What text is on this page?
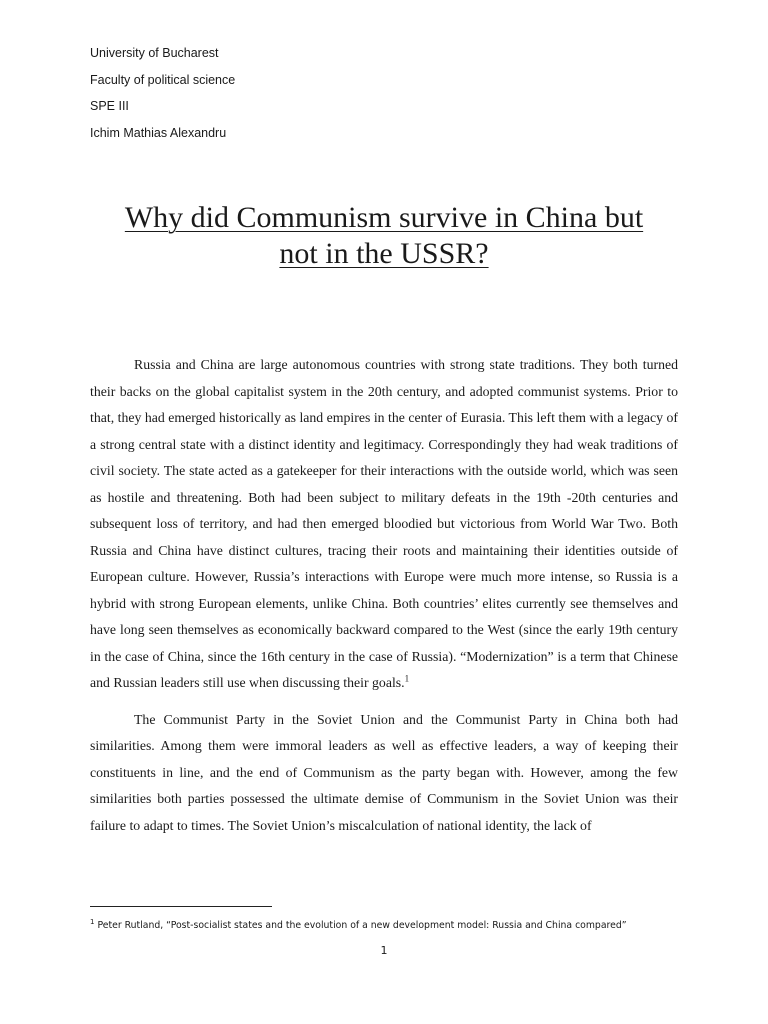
University of Bucharest
Faculty of political science
SPE III
Ichim Mathias Alexandru
Why did Communism survive in China but
not in the USSR?

Russia and China are large autonomous countries with strong state traditions. They both turned their backs on the global capitalist system in the 20th century, and adopted communist systems. Prior to that, they had emerged historically as land empires in the center of Eurasia. This left them with a legacy of a strong central state with a distinct identity and legitimacy. Correspondingly they had weak traditions of civil society. The state acted as a gatekeeper for their interactions with the outside world, which was seen as hostile and threatening. Both had been subject to military defeats in the 19th -20th centuries and subsequent loss of territory, and had then emerged bloodied but victorious from World War Two. Both Russia and China have distinct cultures, tracing their roots and maintaining their identities outside of European culture. However, Russia’s interactions with Europe were much more intense, so Russia is a hybrid with strong European elements, unlike China. Both countries’ elites currently see themselves and have long seen themselves as economically backward compared to the West (since the early 19th century in the case of China, since the 16th century in the case of Russia). “Modernization” is a term that Chinese and Russian leaders still use when discussing their goals.$^1$

The Communist Party in the Soviet Union and the Communist Party in China both had similarities. Among them were immoral leaders as well as effective leaders, a way of keeping their constituents in line, and the end of Communism as the party began with. However, among the few similarities both parties possessed the ultimate demise of Communism in the Soviet Union was their failure to adapt to times. The Soviet Union’s miscalculation of national identity, the lack of

$^1$ Peter Rutland, “Post-socialist states and the evolution of a new development model: Russia and China compared”
1
